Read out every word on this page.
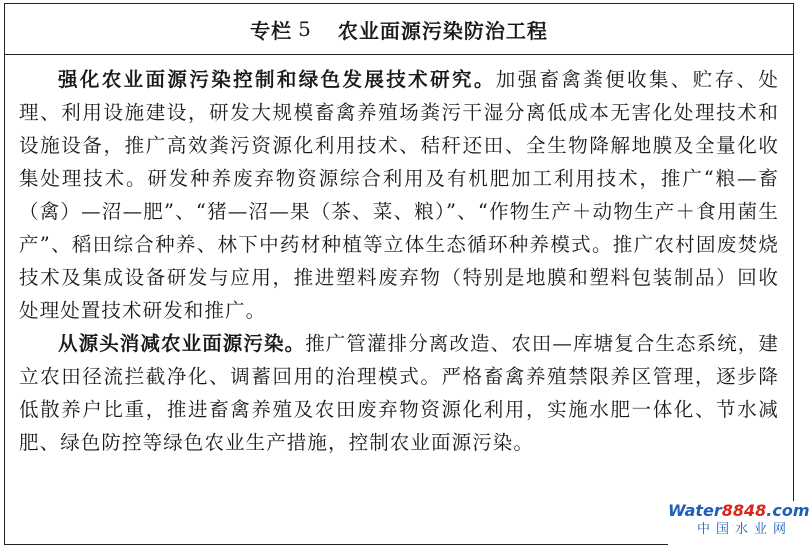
专栏 5 农业面源污染防治工程

强化农业面源污染控制和绿色发展技术研究。加强畜禽粪便收集、贮存、处理、利用设施建设，研发大规模畜禽养殖场粪污干湿分离低成本无害化处理技术和设施设备，推广高效粪污资源化利用技术、秸秆还田、全生物降解地膜及全量化收集处理技术。研发种养废弃物资源综合利用及有机肥加工利用技术，推广“粮—畜（禽）—沼—肥”、“猪—沼—果（茶、菜、粮）”、“作物生产＋动物生产＋食用菌生产”、稻田综合种养、林下中药材种植等立体生态循环种养模式。推广农村固废焚烧技术及集成设备研发与应用，推进塑料废弃物（特别是地膜和塑料包装制品）回收处理处置技术研发和推广。

从源头消减农业面源污染。推广管灌排分离改造、农田—库塘复合生态系统，建立农田径流拦截净化、调蓄回用的治理模式。严格畜禽养殖禁限养区管理，逐步降低散养户比重，推进畜禽养殖及农田废弃物资源化利用，实施水肥一体化、节水减肥、绿色防控等绿色农业生产措施，控制农业面源污染。

Water8848.com
中国水业网
